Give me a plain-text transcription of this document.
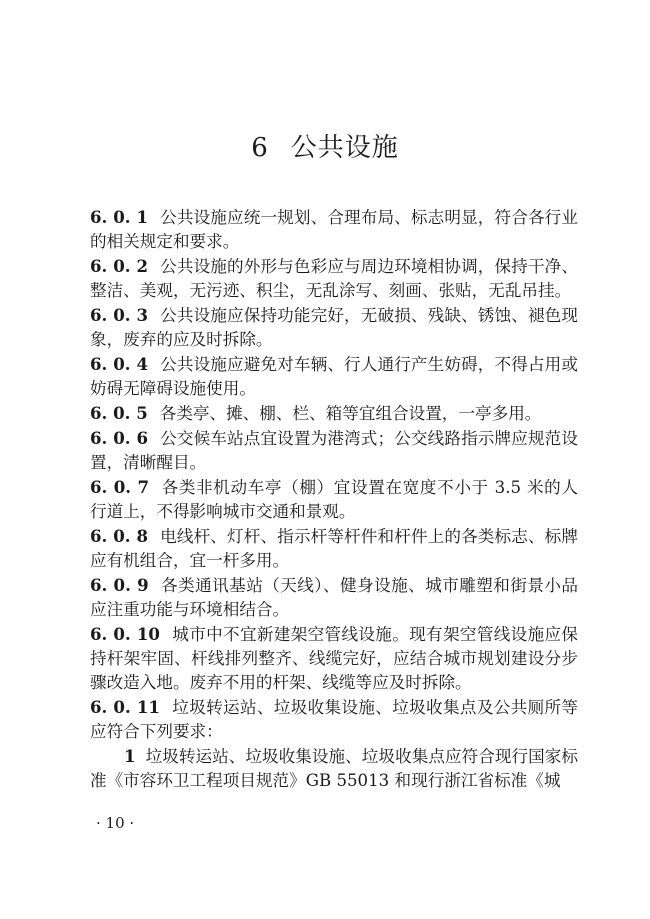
6 公共设施

6. 0. 1 公共设施应统一规划、合理布局、标志明显，符合各行业的相关规定和要求。

6. 0. 2 公共设施的外形与色彩应与周边环境相协调，保持干净、整洁、美观，无污迹、积尘，无乱涂写、刻画、张贴，无乱吊挂。

6. 0. 3 公共设施应保持功能完好，无破损、残缺、锈蚀、褪色现象，废弃的应及时拆除。

6. 0. 4 公共设施应避免对车辆、行人通行产生妨碍，不得占用或妨碍无障碍设施使用。

6. 0. 5 各类亭、摊、棚、栏、箱等宜组合设置，一亭多用。

6. 0. 6 公交候车站点宜设置为港湾式；公交线路指示牌应规范设置，清晰醒目。

6. 0. 7 各类非机动车亭（棚）宜设置在宽度不小于 3.5 米的人行道上，不得影响城市交通和景观。

6. 0. 8 电线杆、灯杆、指示杆等杆件和杆件上的各类标志、标牌应有机组合，宜一杆多用。

6. 0. 9 各类通讯基站（天线）、健身设施、城市雕塑和街景小品应注重功能与环境相结合。

6. 0. 10 城市中不宜新建架空管线设施。现有架空管线设施应保持杆架牢固、杆线排列整齐、线缆完好，应结合城市规划建设分步骤改造入地。废弃不用的杆架、线缆等应及时拆除。

6. 0. 11 垃圾转运站、垃圾收集设施、垃圾收集点及公共厕所等应符合下列要求：

1 垃圾转运站、垃圾收集设施、垃圾收集点应符合现行国家标准《市容环卫工程项目规范》GB 55013 和现行浙江省标准《城

· 10 ·
